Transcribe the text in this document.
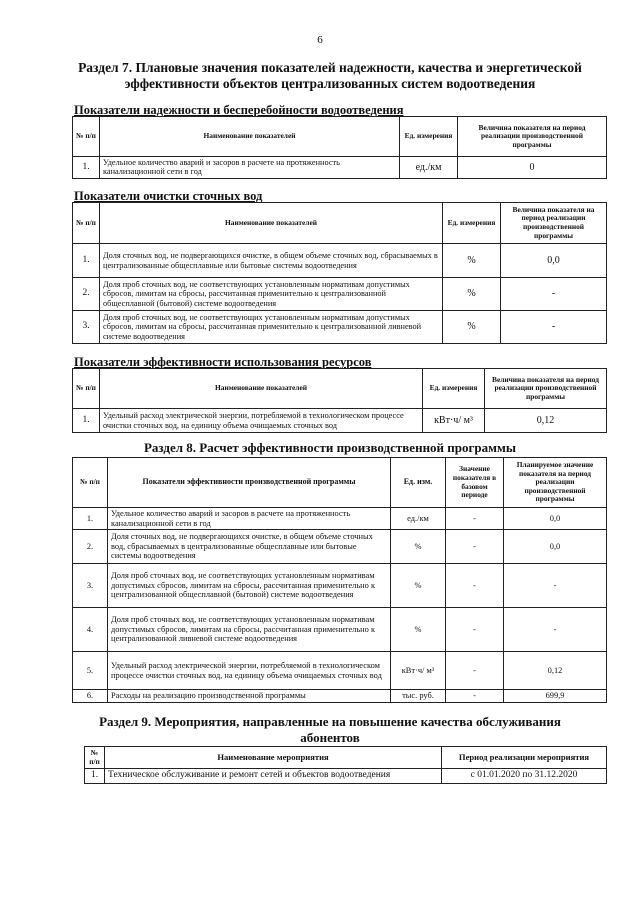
6
Раздел 7. Плановые значения показателей надежности, качества и энергетической
эффективности объектов централизованных систем водоотведения
Показатели надежности и бесперебойности водоотведения
№ п/п	Наименование показателей	Ед. измерения	Величина показателя на период реализации производственной программы
1.	Удельное количество аварий и засоров в расчете на протяженность канализационной сети в год	ед./км	0
Показатели очистки сточных вод
№ п/п	Наименование показателей	Ед. измерения	Величина показателя на период реализации производственной программы
1.	Доля сточных вод, не подвергающихся очистке, в общем объеме сточных вод, сбрасываемых в централизованные общесплавные или бытовые системы водоотведения	%	0,0
2.	Доля проб сточных вод, не соответствующих установленным нормативам допустимых сбросов, лимитам на сбросы, рассчитанная применительно к централизованной общесплавной (бытовой) системе водоотведения	%	-
3.	Доля проб сточных вод, не соответствующих установленным нормативам допустимых сбросов, лимитам на сбросы, рассчитанная применительно к централизованной ливневой системе водоотведения	%	-
Показатели эффективности использования ресурсов
№ п/п	Наименование показателей	Ед. измерения	Величина показателя на период реализации производственной программы
1.	Удельный расход электрической энергии, потребляемой в технологическом процессе очистки сточных вод, на единицу объема очищаемых сточных вод	кВт·ч/ м³	0,12
Раздел 8. Расчет эффективности производственной программы
№ п/п	Показатели эффективности производственной программы	Ед. изм.	Значение показателя в базовом периоде	Планируемое значение показателя на период реализации производственной программы
1.	Удельное количество аварий и засоров в расчете на протяженность канализационной сети в год	ед./км	-	0,0
2.	Доля сточных вод, не подвергающихся очистке, в общем объеме сточных вод, сбрасываемых в централизованные общесплавные или бытовые системы водоотведения	%	-	0,0
3.	Доля проб сточных вод, не соответствующих установленным нормативам допустимых сбросов, лимитам на сбросы, рассчитанная применительно к централизованной общесплавной (бытовой) системе водоотведения	%	-	-
4.	Доля проб сточных вод, не соответствующих установленным нормативам допустимых сбросов, лимитам на сбросы, рассчитанная применительно к централизованной ливневой системе водоотведения	%	-	-
5.	Удельный расход электрической энергии, потребляемой в технологическом процессе очистки сточных вод, на единицу объема очищаемых сточных вод	кВт·ч/ м³	-	0,12
6.	Расходы на реализацию производственной программы	тыс. руб.	-	699,9
Раздел 9. Мероприятия, направленные на повышение качества обслуживания
абонентов
№ п/п	Наименование мероприятия	Период реализации мероприятия
1.	Техническое обслуживание и ремонт сетей и объектов водоотведения	с 01.01.2020 по 31.12.2020
